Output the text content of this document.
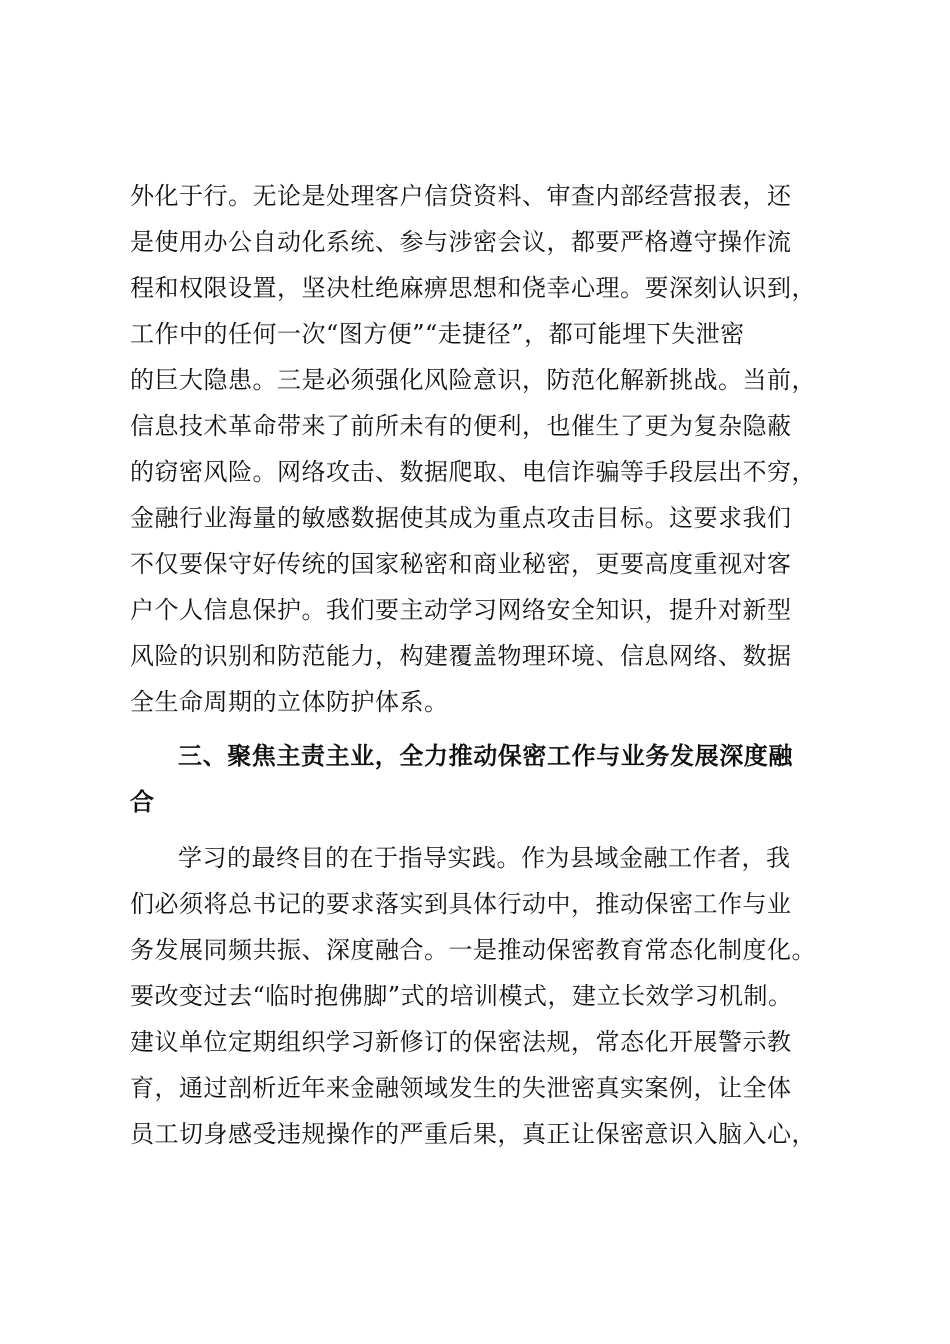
外化于行。无论是处理客户信贷资料、审查内部经营报表，还
是使用办公自动化系统、参与涉密会议，都要严格遵守操作流
程和权限设置，坚决杜绝麻痹思想和侥幸心理。要深刻认识到，
工作中的任何一次“图方便”“走捷径”，都可能埋下失泄密
的巨大隐患。三是必须强化风险意识，防范化解新挑战。当前，
信息技术革命带来了前所未有的便利，也催生了更为复杂隐蔽
的窃密风险。网络攻击、数据爬取、电信诈骗等手段层出不穷，
金融行业海量的敏感数据使其成为重点攻击目标。这要求我们
不仅要保守好传统的国家秘密和商业秘密，更要高度重视对客
户个人信息保护。我们要主动学习网络安全知识，提升对新型
风险的识别和防范能力，构建覆盖物理环境、信息网络、数据
全生命周期的立体防护体系。
三、聚焦主责主业，全力推动保密工作与业务发展深度融
合
学习的最终目的在于指导实践。作为县域金融工作者，我
们必须将总书记的要求落实到具体行动中，推动保密工作与业
务发展同频共振、深度融合。一是推动保密教育常态化制度化。
要改变过去“临时抱佛脚”式的培训模式，建立长效学习机制。
建议单位定期组织学习新修订的保密法规，常态化开展警示教
育，通过剖析近年来金融领域发生的失泄密真实案例，让全体
员工切身感受违规操作的严重后果，真正让保密意识入脑入心，
